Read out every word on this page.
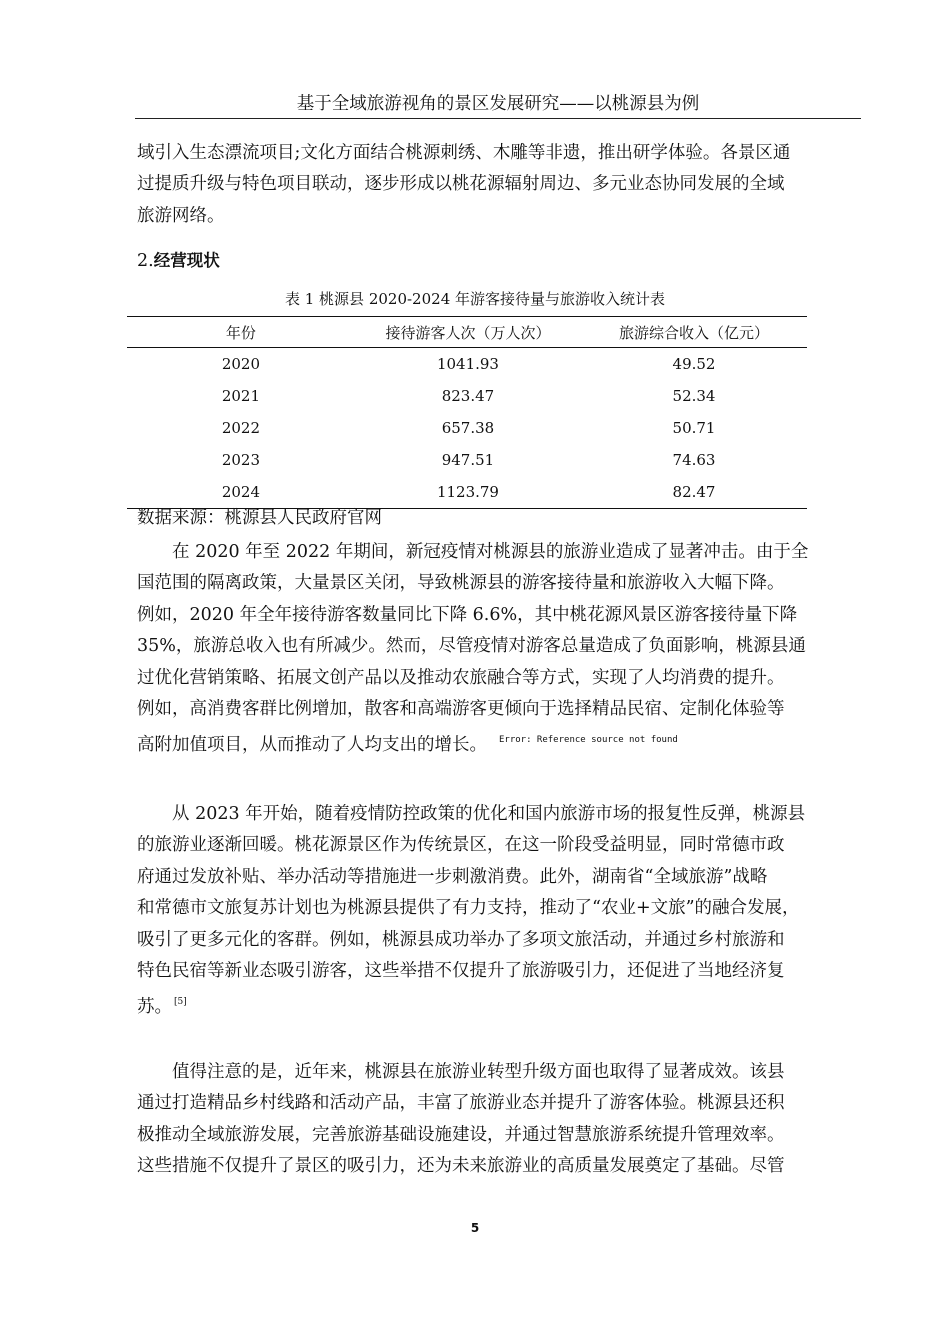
基于全域旅游视角的景区发展研究——以桃源县为例
域引入生态漂流项目;文化方面结合桃源刺绣、木雕等非遗，推出研学体验。各景区通
过提质升级与特色项目联动，逐步形成以桃花源辐射周边、多元业态协同发展的全域
旅游网络。
2.经营现状
表 1 桃源县 2020-2024 年游客接待量与旅游收入统计表
年份	接待游客人次（万人次）	旅游综合收入（亿元）
2020	1041.93	49.52
2021	823.47	52.34
2022	657.38	50.71
2023	947.51	74.63
2024	1123.79	82.47
数据来源：桃源县人民政府官网
　　在 2020 年至 2022 年期间，新冠疫情对桃源县的旅游业造成了显著冲击。由于全
国范围的隔离政策，大量景区关闭，导致桃源县的游客接待量和旅游收入大幅下降。
例如，2020 年全年接待游客数量同比下降 6.6%，其中桃花源风景区游客接待量下降
35%，旅游总收入也有所减少。然而，尽管疫情对游客总量造成了负面影响，桃源县通
过优化营销策略、拓展文创产品以及推动农旅融合等方式，实现了人均消费的提升。
例如，高消费客群比例增加，散客和高端游客更倾向于选择精品民宿、定制化体验等
高附加值项目，从而推动了人均支出的增长。 $^{Error: Reference source not found}$
　　从 2023 年开始，随着疫情防控政策的优化和国内旅游市场的报复性反弹，桃源县
的旅游业逐渐回暖。桃花源景区作为传统景区，在这一阶段受益明显，同时常德市政
府通过发放补贴、举办活动等措施进一步刺激消费。此外，湖南省“全域旅游”战略
和常德市文旅复苏计划也为桃源县提供了有力支持，推动了“农业+文旅”的融合发展，
吸引了更多元化的客群。例如，桃源县成功举办了多项文旅活动，并通过乡村旅游和
特色民宿等新业态吸引游客，这些举措不仅提升了旅游吸引力，还促进了当地经济复
苏。 [5]
　　值得注意的是，近年来，桃源县在旅游业转型升级方面也取得了显著成效。该县
通过打造精品乡村线路和活动产品，丰富了旅游业态并提升了游客体验。桃源县还积
极推动全域旅游发展，完善旅游基础设施建设，并通过智慧旅游系统提升管理效率。
这些措施不仅提升了景区的吸引力，还为未来旅游业的高质量发展奠定了基础。尽管
5
